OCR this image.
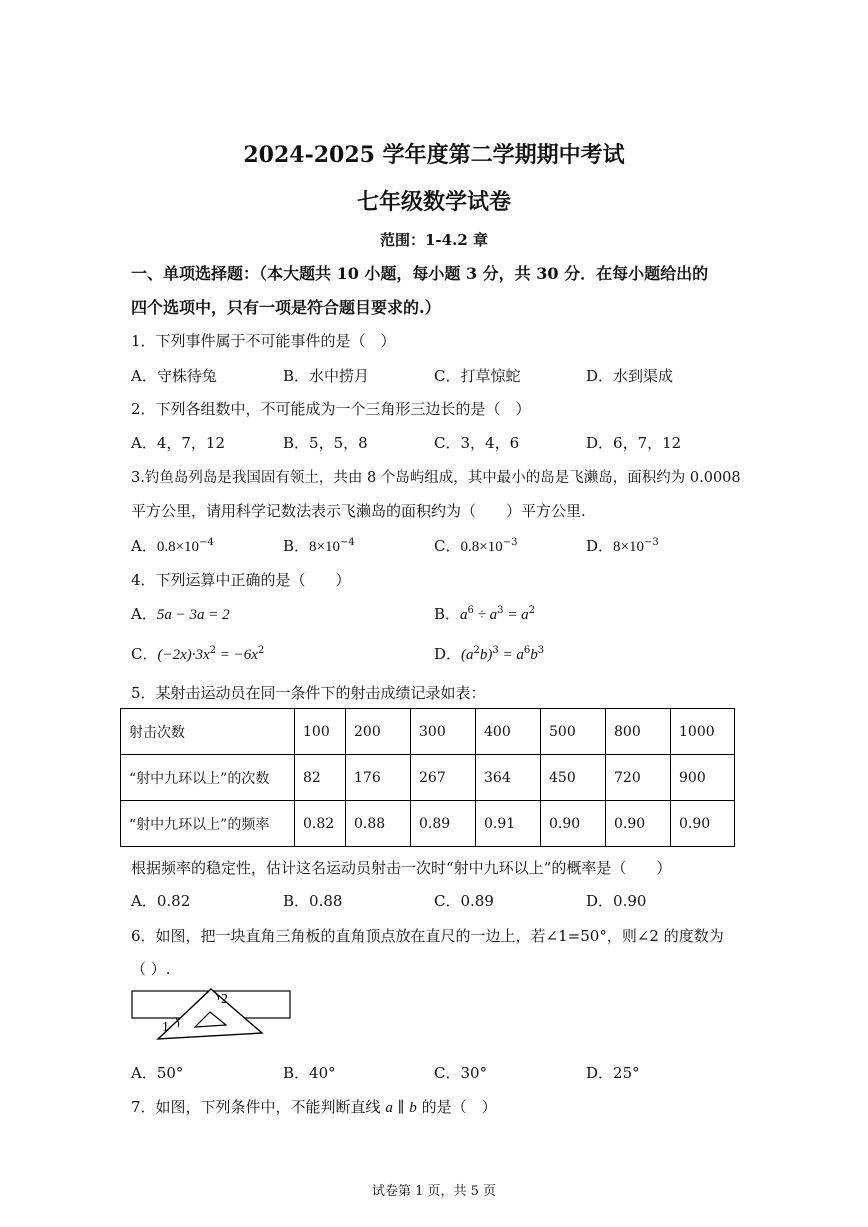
2024-2025 学年度第二学期期中考试
七年级数学试卷
范围：1-4.2 章
一、单项选择题：（本大题共 10 小题，每小题 3 分，共 30 分．在每小题给出的
四个选项中，只有一项是符合题目要求的.）
1．下列事件属于不可能事件的是（　）
A．守株待兔	B．水中捞月	C．打草惊蛇	D．水到渠成
2．下列各组数中，不可能成为一个三角形三边长的是（　）
A．4，7，12	B．5，5，8	C．3，4，6	D．6，7，12
3.钓鱼岛列岛是我国固有领土，共由 8 个岛屿组成，其中最小的岛是飞濑岛，面积约为 0.0008
平方公里，请用科学记数法表示飞濑岛的面积约为（　　）平方公里.
A．$0.8\times 10^{-4}$	B．$8\times 10^{-4}$	C．$0.8\times 10^{-3}$	D．$8\times 10^{-3}$
4．下列运算中正确的是（　　）
A．5a − 3a = 2	B．$a^6 \div a^3 = a^2$
C．$(-2x)\cdot 3x^2 = -6x^2$	D．$(a^2b)^3 = a^6b^3$
5．某射击运动员在同一条件下的射击成绩记录如表：
射击次数	100	200	300	400	500	800	1000
“射中九环以上”的次数	82	176	267	364	450	720	900
“射中九环以上”的频率	0.82	0.88	0.89	0.91	0.90	0.90	0.90
根据频率的稳定性，估计这名运动员射击一次时“射中九环以上”的概率是（　　）
A．0.82	B．0.88	C．0.89	D．0.90
6．如图，把一块直角三角板的直角顶点放在直尺的一边上，若∠1=50°，则∠2 的度数为
（ ）.
2
1
A．50°	B．40°	C．30°	D．25°
7．如图，下列条件中，不能判断直线 a ∥ b 的是（　）
试卷第 1 页，共 5 页
